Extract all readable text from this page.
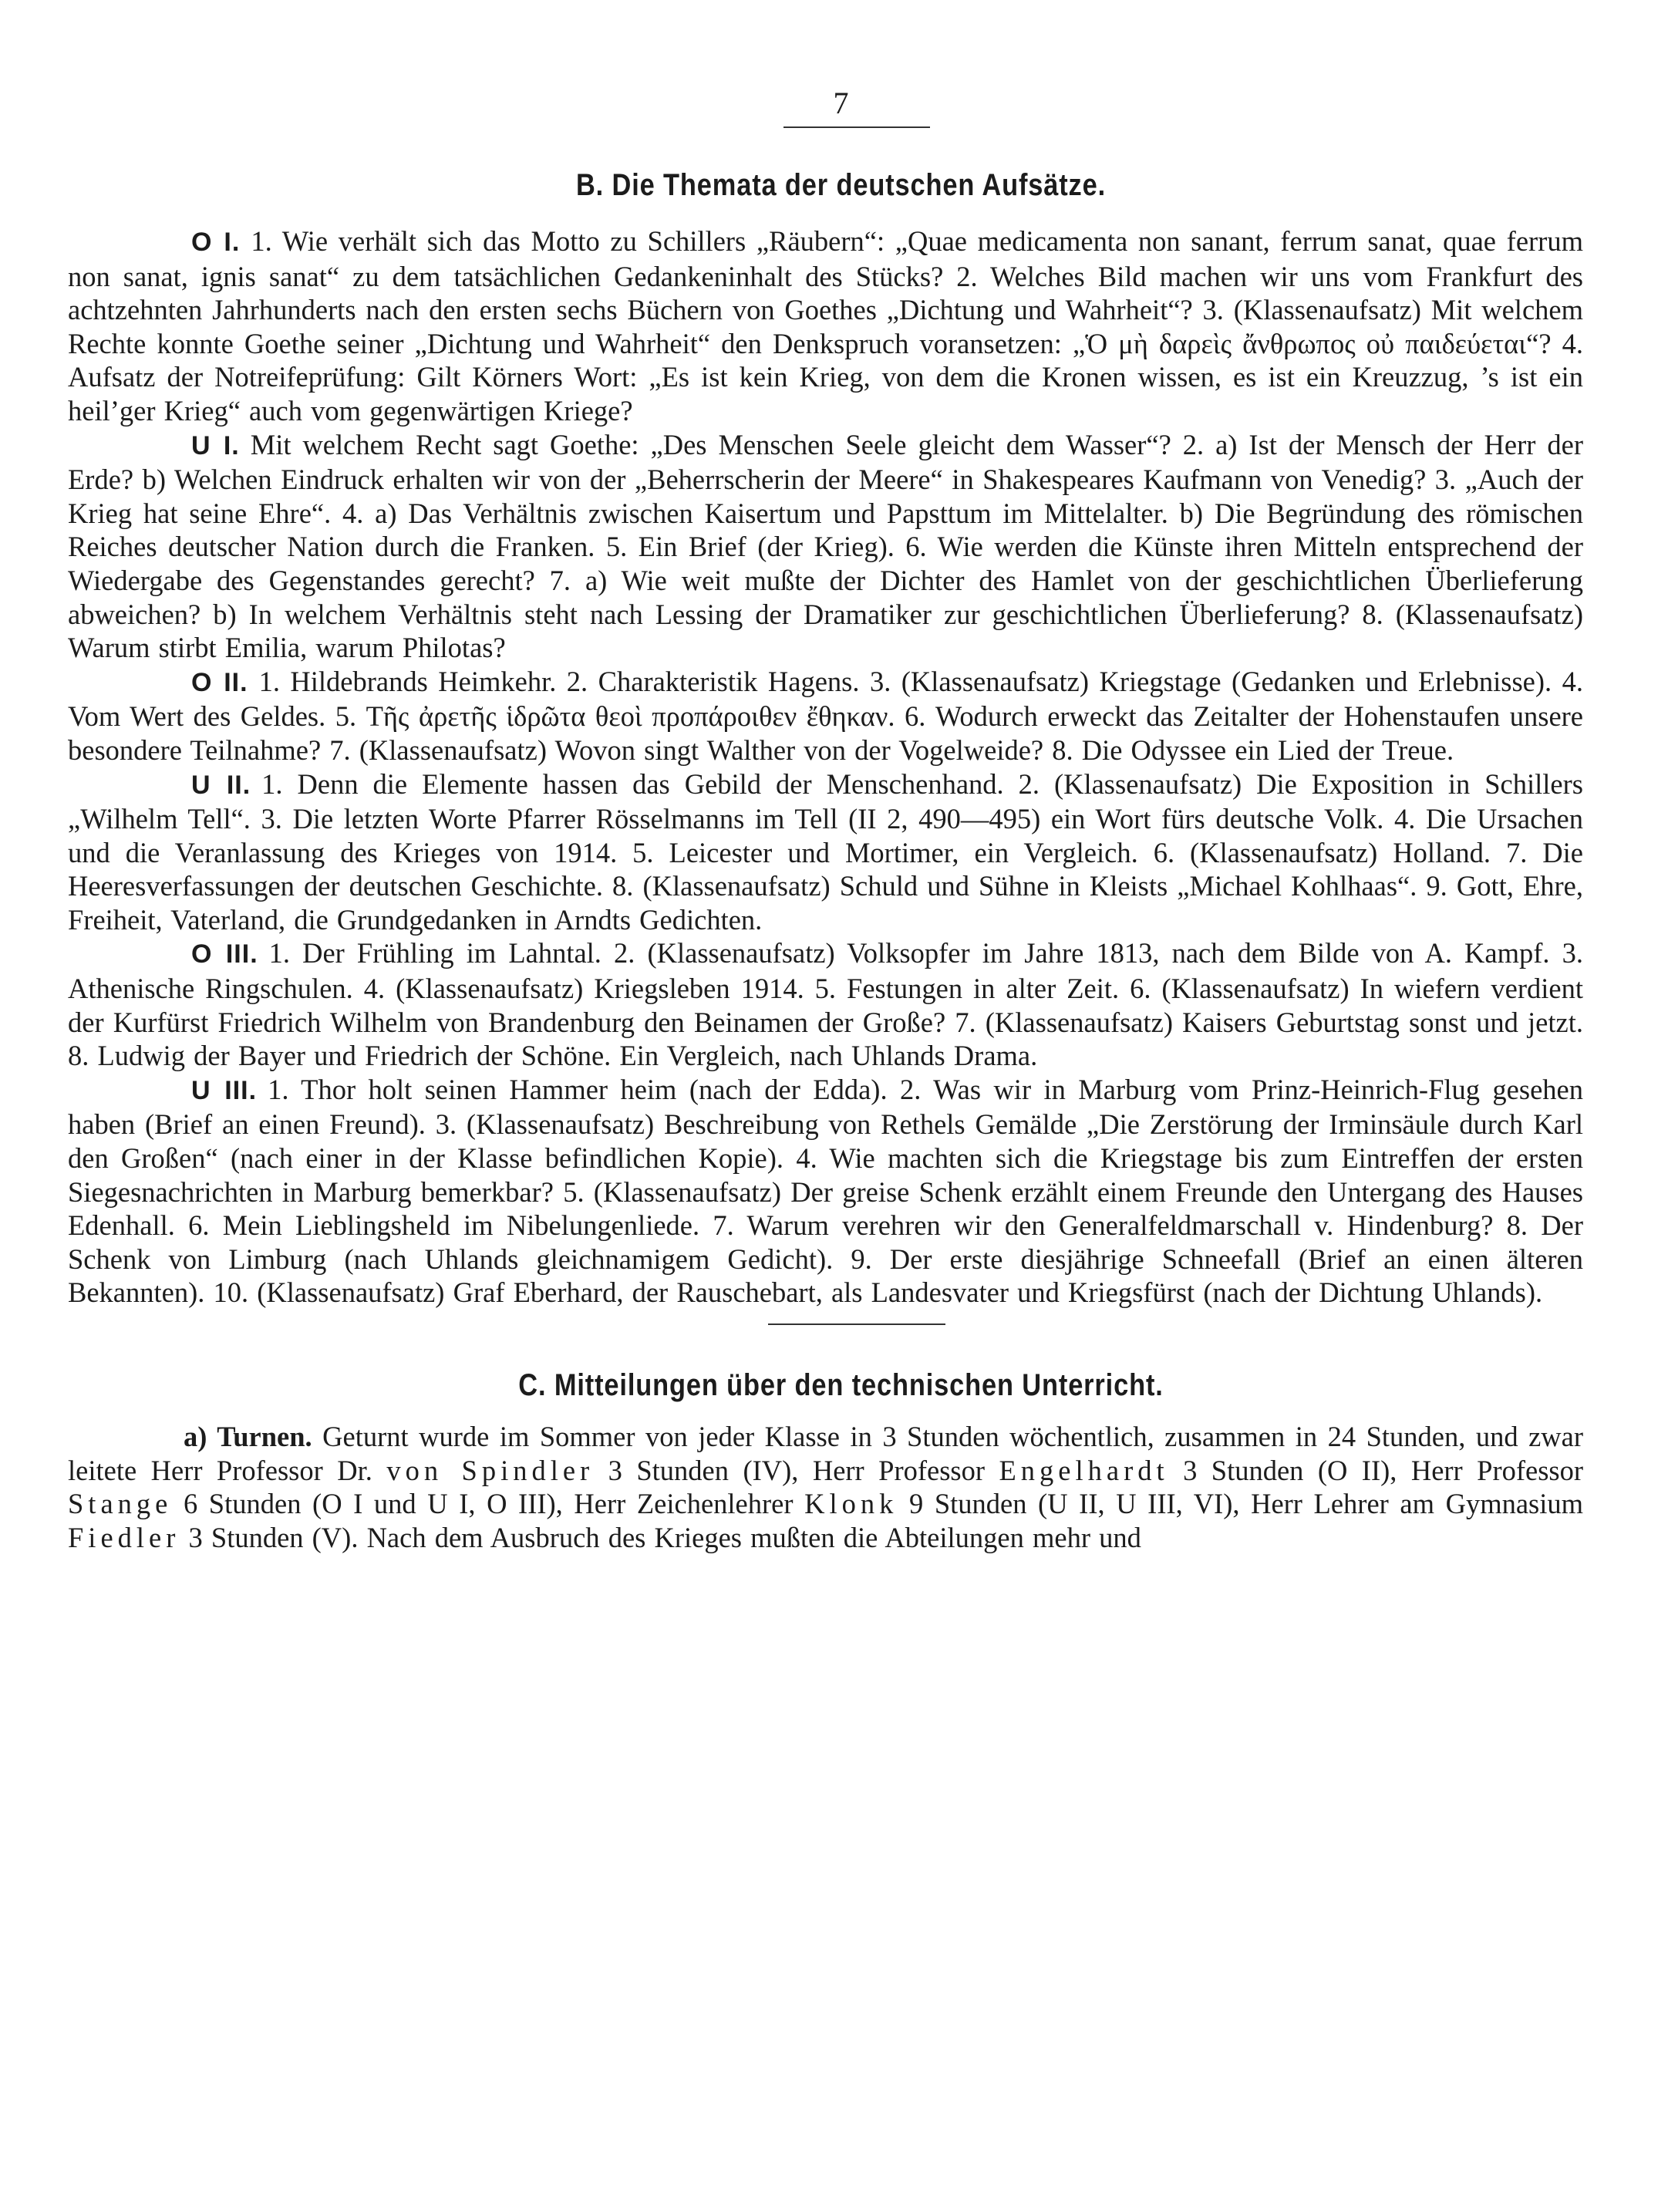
7
B. Die Themata der deutschen Aufsätze.

O I. 1. Wie verhält sich das Motto zu Schillers „Räubern“: „Quae medicamenta non sanant, ferrum sanat, quae ferrum non sanat, ignis sanat“ zu dem tatsächlichen Gedankeninhalt des Stücks? 2. Welches Bild machen wir uns vom Frankfurt des achtzehnten Jahrhunderts nach den ersten sechs Büchern von Goethes „Dichtung und Wahrheit“? 3. (Klassenaufsatz) Mit welchem Rechte konnte Goethe seiner „Dichtung und Wahrheit“ den Denkspruch voransetzen: „Ὁ μὴ δαρεὶς ἄνθρωπος οὐ παιδεύεται“? 4. Aufsatz der Notreifeprüfung: Gilt Körners Wort: „Es ist kein Krieg, von dem die Kronen wissen, es ist ein Kreuzzug, ’s ist ein heil’ger Krieg“ auch vom gegenwärtigen Kriege?

U I. Mit welchem Recht sagt Goethe: „Des Menschen Seele gleicht dem Wasser“? 2. a) Ist der Mensch der Herr der Erde? b) Welchen Eindruck erhalten wir von der „Beherrscherin der Meere“ in Shakespeares Kaufmann von Venedig? 3. „Auch der Krieg hat seine Ehre“. 4. a) Das Verhältnis zwischen Kaisertum und Papsttum im Mittelalter. b) Die Begründung des römischen Reiches deutscher Nation durch die Franken. 5. Ein Brief (der Krieg). 6. Wie werden die Künste ihren Mitteln entsprechend der Wiedergabe des Gegenstandes gerecht? 7. a) Wie weit mußte der Dichter des Hamlet von der geschichtlichen Überlieferung abweichen? b) In welchem Verhältnis steht nach Lessing der Dramatiker zur geschichtlichen Überlieferung? 8. (Klassenaufsatz) Warum stirbt Emilia, warum Philotas?

O II. 1. Hildebrands Heimkehr. 2. Charakteristik Hagens. 3. (Klassenaufsatz) Kriegstage (Gedanken und Erlebnisse). 4. Vom Wert des Geldes. 5. Τῆς ἀρετῆς ἱδρῶτα θεοὶ προπάροιθεν ἔθηκαν. 6. Wodurch erweckt das Zeitalter der Hohenstaufen unsere besondere Teilnahme? 7. (Klassenaufsatz) Wovon singt Walther von der Vogelweide? 8. Die Odyssee ein Lied der Treue.

U II. 1. Denn die Elemente hassen das Gebild der Menschenhand. 2. (Klassenaufsatz) Die Exposition in Schillers „Wilhelm Tell“. 3. Die letzten Worte Pfarrer Rösselmanns im Tell (II 2, 490—495) ein Wort fürs deutsche Volk. 4. Die Ursachen und die Veranlassung des Krieges von 1914. 5. Leicester und Mortimer, ein Vergleich. 6. (Klassenaufsatz) Holland. 7. Die Heeresverfassungen der deutschen Geschichte. 8. (Klassenaufsatz) Schuld und Sühne in Kleists „Michael Kohlhaas“. 9. Gott, Ehre, Freiheit, Vaterland, die Grundgedanken in Arndts Gedichten.

O III. 1. Der Frühling im Lahntal. 2. (Klassenaufsatz) Volksopfer im Jahre 1813, nach dem Bilde von A. Kampf. 3. Athenische Ringschulen. 4. (Klassenaufsatz) Kriegsleben 1914. 5. Festungen in alter Zeit. 6. (Klassenaufsatz) In wiefern verdient der Kurfürst Friedrich Wilhelm von Brandenburg den Beinamen der Große? 7. (Klassenaufsatz) Kaisers Geburtstag sonst und jetzt. 8. Ludwig der Bayer und Friedrich der Schöne. Ein Vergleich, nach Uhlands Drama.

U III. 1. Thor holt seinen Hammer heim (nach der Edda). 2. Was wir in Marburg vom Prinz-Heinrich-Flug gesehen haben (Brief an einen Freund). 3. (Klassenaufsatz) Beschreibung von Rethels Gemälde „Die Zerstörung der Irminsäule durch Karl den Großen“ (nach einer in der Klasse befindlichen Kopie). 4. Wie machten sich die Kriegstage bis zum Eintreffen der ersten Siegesnachrichten in Marburg bemerkbar? 5. (Klassenaufsatz) Der greise Schenk erzählt einem Freunde den Untergang des Hauses Edenhall. 6. Mein Lieblingsheld im Nibelungenliede. 7. Warum verehren wir den Generalfeldmarschall v. Hindenburg? 8. Der Schenk von Limburg (nach Uhlands gleichnamigem Gedicht). 9. Der erste diesjährige Schneefall (Brief an einen älteren Bekannten). 10. (Klassenaufsatz) Graf Eberhard, der Rauschebart, als Landesvater und Kriegsfürst (nach der Dichtung Uhlands).

C. Mitteilungen über den technischen Unterricht.

a) Turnen. Geturnt wurde im Sommer von jeder Klasse in 3 Stunden wöchentlich, zusammen in 24 Stunden, und zwar leitete Herr Professor Dr. von Spindler 3 Stunden (IV), Herr Professor Engelhardt 3 Stunden (O II), Herr Professor Stange 6 Stunden (O I und U I, O III), Herr Zeichenlehrer Klonk 9 Stunden (U II, U III, VI), Herr Lehrer am Gymnasium Fiedler 3 Stunden (V). Nach dem Ausbruch des Krieges mußten die Abteilungen mehr und
